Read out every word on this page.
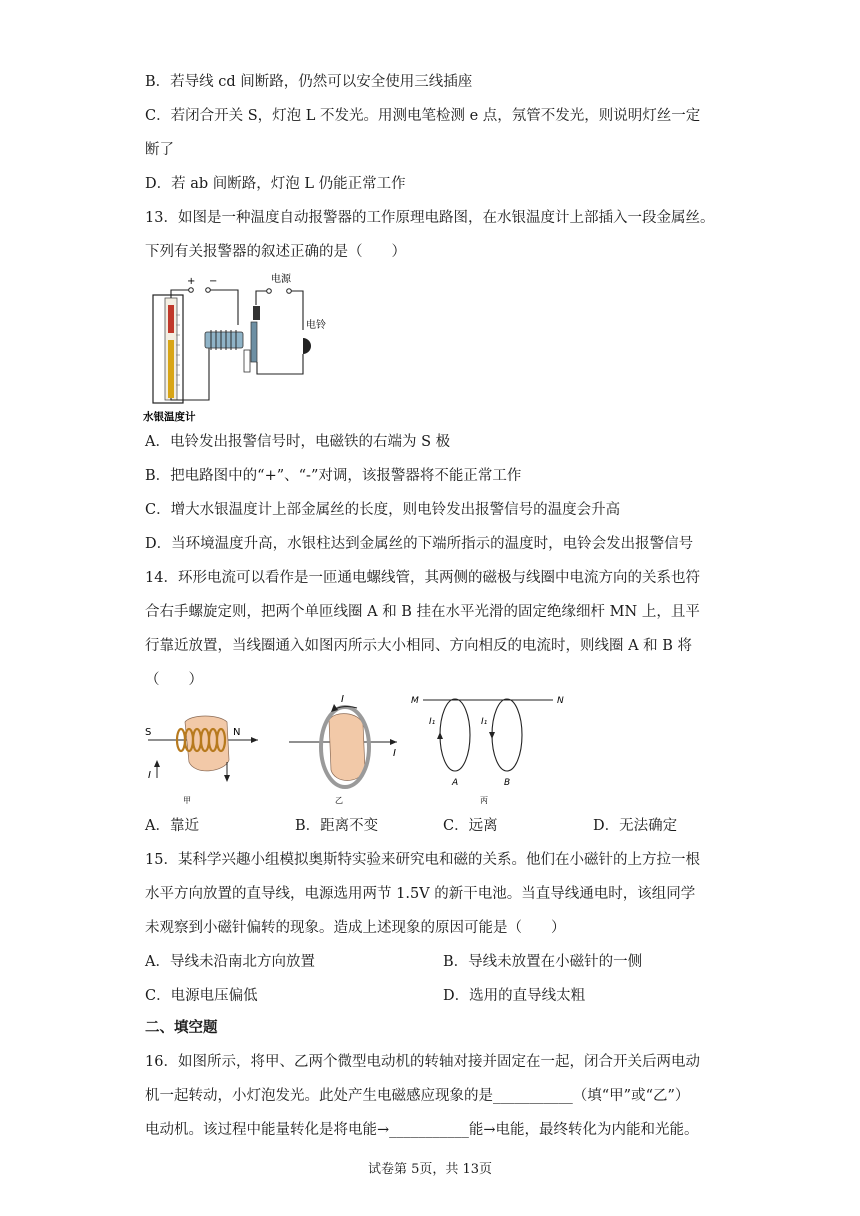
B．若导线 cd 间断路，仍然可以安全使用三线插座
C．若闭合开关 S，灯泡 L 不发光。用测电笔检测 e 点，氖管不发光，则说明灯丝一定
断了
D．若 ab 间断路，灯泡 L 仍能正常工作
13．如图是一种温度自动报警器的工作原理电路图，在水银温度计上部插入一段金属丝。
下列有关报警器的叙述正确的是（　　）
+ −	电源
电铃
水银温度计
A．电铃发出报警信号时，电磁铁的右端为 S 极
B．把电路图中的“+”、“-”对调，该报警器将不能正常工作
C．增大水银温度计上部金属丝的长度，则电铃发出报警信号的温度会升高
D．当环境温度升高，水银柱达到金属丝的下端所指示的温度时，电铃会发出报警信号
14．环形电流可以看作是一匝通电螺线管，其两侧的磁极与线圈中电流方向的关系也符
合右手螺旋定则，把两个单匝线圈 A 和 B 挂在水平光滑的固定绝缘细杆 MN 上，且平
行靠近放置，当线圈通入如图丙所示大小相同、方向相反的电流时，则线圈 A 和 B 将
（　　）
S	N
I
甲
I
I
乙
M	N
I₁	I₁
A	B
丙
A．靠近	B．距离不变	C．远离	D．无法确定
15．某科学兴趣小组模拟奥斯特实验来研究电和磁的关系。他们在小磁针的上方拉一根
水平方向放置的直导线，电源选用两节 1.5V 的新干电池。当直导线通电时，该组同学
未观察到小磁针偏转的现象。造成上述现象的原因可能是（　　）
A．导线未沿南北方向放置	B．导线未放置在小磁针的一侧
C．电源电压偏低	D．选用的直导线太粗
二、填空题
16．如图所示，将甲、乙两个微型电动机的转轴对接并固定在一起，闭合开关后两电动
机一起转动，小灯泡发光。此处产生电磁感应现象的是___________（填“甲”或“乙”）
电动机。该过程中能量转化是将电能→___________能→电能，最终转化为内能和光能。
试卷第 5页，共 13页
